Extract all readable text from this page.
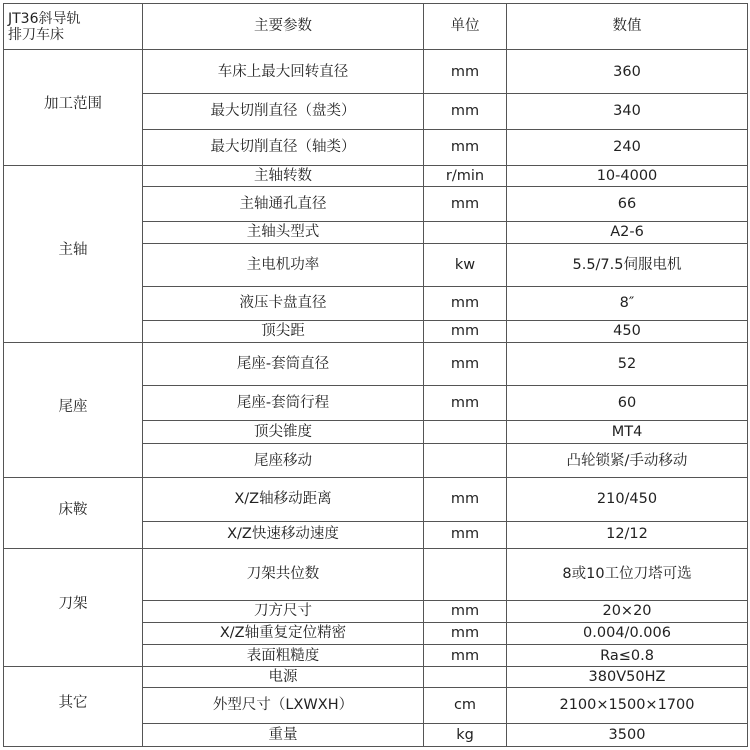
JT36斜导轨
排刀车床	主要参数	单位	数值
加工范围	车床上最大回转直径	mm	360
	最大切削直径（盘类）	mm	340
	最大切削直径（轴类）	mm	240
主轴	主轴转数	r/min	10-4000
	主轴通孔直径	mm	66
	主轴头型式		A2-6
	主电机功率	kw	5.5/7.5伺服电机
	液压卡盘直径	mm	8″
	顶尖距	mm	450
尾座	尾座-套筒直径	mm	52
	尾座-套筒行程	mm	60
	顶尖锥度		MT4
	尾座移动		凸轮锁紧/手动移动
床鞍	X/Z轴移动距离	mm	210/450
	X/Z快速移动速度	mm	12/12
刀架	刀架共位数		8或10工位刀塔可选
	刀方尺寸	mm	20×20
	X/Z轴重复定位精密	mm	0.004/0.006
	表面粗糙度	mm	Ra≤0.8
其它	电源		380V50HZ
	外型尺寸（LXWXH）	cm	2100×1500×1700
	重量	kg	3500
